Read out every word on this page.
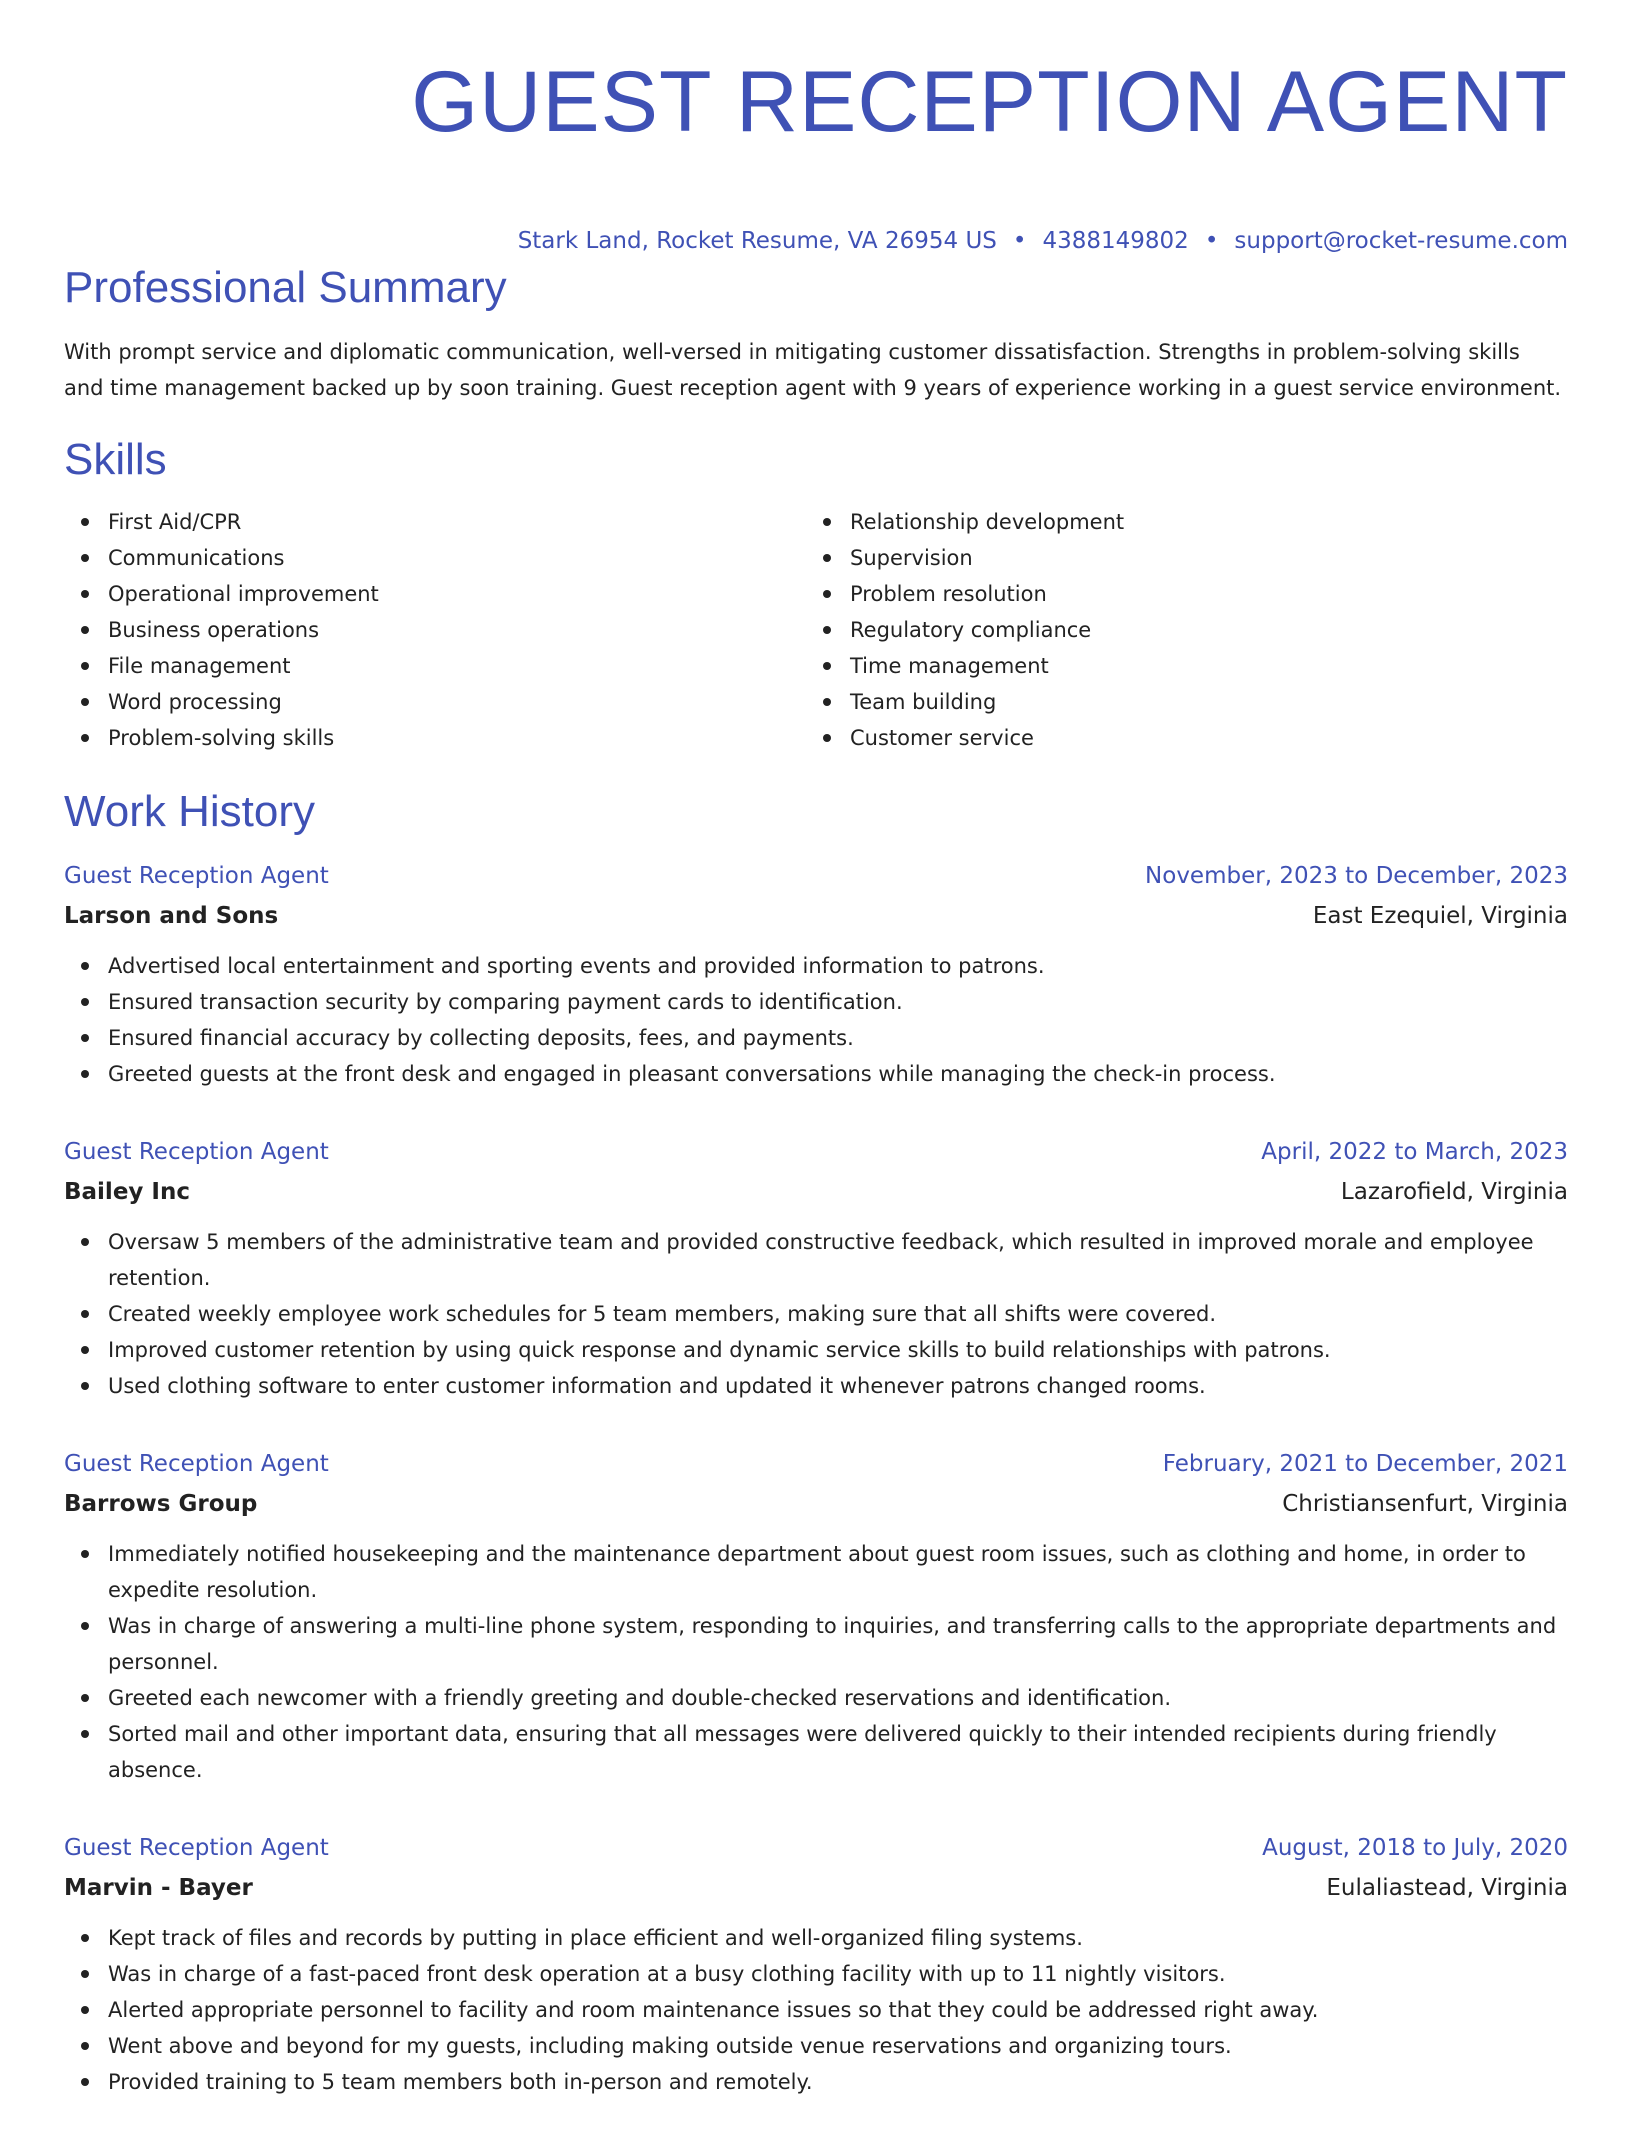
GUEST RECEPTION AGENT
Stark Land, Rocket Resume, VA 26954 US • 4388149802 • support@rocket-resume.com
Professional Summary

With prompt service and diplomatic communication, well-versed in mitigating customer dissatisfaction. Strengths in problem-solving skills and time management backed up by soon training. Guest reception agent with 9 years of experience working in a guest service environment.

Skills
First Aid/CPR
Communications
Operational improvement
Business operations
File management
Word processing
Problem-solving skills
Relationship development
Supervision
Problem resolution
Regulatory compliance
Time management
Team building
Customer service
Work History
Guest Reception Agent	November, 2023 to December, 2023
Larson and Sons	East Ezequiel, Virginia
Advertised local entertainment and sporting events and provided information to patrons.
Ensured transaction security by comparing payment cards to identification.
Ensured financial accuracy by collecting deposits, fees, and payments.
Greeted guests at the front desk and engaged in pleasant conversations while managing the check-in process.
Guest Reception Agent	April, 2022 to March, 2023
Bailey Inc	Lazarofield, Virginia
Oversaw 5 members of the administrative team and provided constructive feedback, which resulted in improved morale and employee retention.
Created weekly employee work schedules for 5 team members, making sure that all shifts were covered.
Improved customer retention by using quick response and dynamic service skills to build relationships with patrons.
Used clothing software to enter customer information and updated it whenever patrons changed rooms.
Guest Reception Agent	February, 2021 to December, 2021
Barrows Group	Christiansenfurt, Virginia
Immediately notified housekeeping and the maintenance department about guest room issues, such as clothing and home, in order to expedite resolution.
Was in charge of answering a multi-line phone system, responding to inquiries, and transferring calls to the appropriate departments and personnel.
Greeted each newcomer with a friendly greeting and double-checked reservations and identification.
Sorted mail and other important data, ensuring that all messages were delivered quickly to their intended recipients during friendly absence.
Guest Reception Agent	August, 2018 to July, 2020
Marvin - Bayer	Eulaliastead, Virginia
Kept track of files and records by putting in place efficient and well-organized filing systems.
Was in charge of a fast-paced front desk operation at a busy clothing facility with up to 11 nightly visitors.
Alerted appropriate personnel to facility and room maintenance issues so that they could be addressed right away.
Went above and beyond for my guests, including making outside venue reservations and organizing tours.
Provided training to 5 team members both in-person and remotely.
